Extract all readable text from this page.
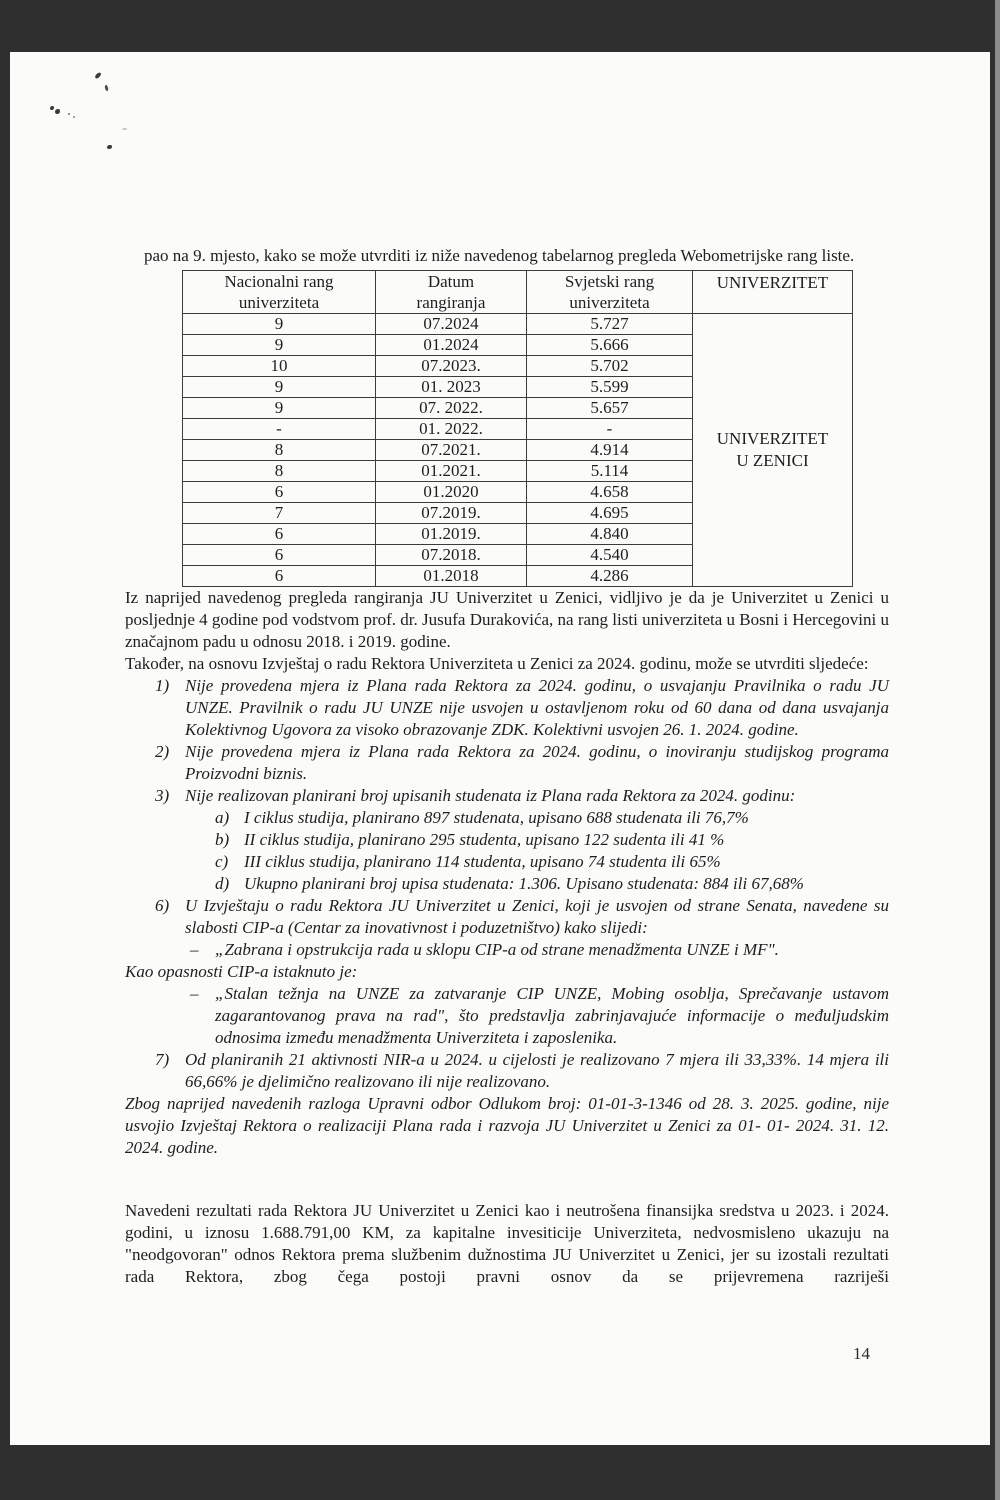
pao na 9. mjesto, kako se može utvrditi iz niže navedenog tabelarnog pregleda Webometrijske rang liste.

Nacionalni rang univerziteta	Datum rangiranja	Svjetski rang univerziteta	UNIVERZITET
9	07.2024	5.727	UNIVERZITET U ZENICI
9	01.2024	5.666	
10	07.2023.	5.702	
9	01. 2023	5.599	
9	07. 2022.	5.657	
-	01. 2022.	-	
8	07.2021.	4.914	
8	01.2021.	5.114	
6	01.2020	4.658	
7	07.2019.	4.695	
6	01.2019.	4.840	
6	07.2018.	4.540	
6	01.2018	4.286	

Iz naprijed navedenog pregleda rangiranja JU Univerzitet u Zenici, vidljivo je da je Univerzitet u Zenici u posljednje 4 godine pod vodstvom prof. dr. Jusufa Durakovića, na rang listi univerziteta u Bosni i Hercegovini u značajnom padu u odnosu 2018. i 2019. godine.

Također, na osnovu Izvještaj o radu Rektora Univerziteta u Zenici za 2024. godinu, može se utvrditi sljedeće:

1) Nije provedena mjera iz Plana rada Rektora za 2024. godinu, o usvajanju Pravilnika o radu JU UNZE. Pravilnik o radu JU UNZE nije usvojen u ostavljenom roku od 60 dana od dana usvajanja Kolektivnog Ugovora za visoko obrazovanje ZDK. Kolektivni usvojen 26. 1. 2024. godine.
2) Nije provedena mjera iz Plana rada Rektora za 2024. godinu, o inoviranju studijskog programa Proizvodni biznis.
3) Nije realizovan planirani broj upisanih studenata iz Plana rada Rektora za 2024. godinu:
a) I ciklus studija, planirano 897 studenata, upisano 688 studenata ili 76,7%
b) II ciklus studija, planirano 295 studenta, upisano 122 sudenta ili 41 %
c) III ciklus studija, planirano 114 studenta, upisano 74 studenta ili 65%
d) Ukupno planirani broj upisa studenata: 1.306. Upisano studenata: 884 ili 67,68%
6) U Izvještaju o radu Rektora JU Univerzitet u Zenici, koji je usvojen od strane Senata, navedene su slabosti CIP-a (Centar za inovativnost i poduzetništvo) kako slijedi:
– „Zabrana i opstrukcija rada u sklopu CIP-a od strane menadžmenta UNZE i MF".

Kao opasnosti CIP-a istaknuto je:

– „Stalan težnja na UNZE za zatvaranje CIP UNZE, Mobing osoblja, Sprečavanje ustavom zagarantovanog prava na rad", što predstavlja zabrinjavajuće informacije o međuljudskim odnosima između menadžmenta Univerziteta i zaposlenika.
7) Od planiranih 21 aktivnosti NIR-a u 2024. u cijelosti je realizovano 7 mjera ili 33,33%. 14 mjera ili 66,66% je djelimično realizovano ili nije realizovano.

Zbog naprijed navedenih razloga Upravni odbor Odlukom broj: 01-01-3-1346 od 28. 3. 2025. godine, nije usvojio Izvještaj Rektora o realizaciji Plana rada i razvoja JU Univerzitet u Zenici za 01- 01- 2024. 31. 12. 2024. godine.

Navedeni rezultati rada Rektora JU Univerzitet u Zenici kao i neutrošena finansijka sredstva u 2023. i 2024. godini, u iznosu 1.688.791,00 KM, za kapitalne invesiticije Univerziteta, nedvosmisleno ukazuju na "neodgovoran" odnos Rektora prema službenim dužnostima JU Univerzitet u Zenici, jer su izostali rezultati rada Rektora, zbog čega postoji pravni osnov da se prijevremena razriješi

14
